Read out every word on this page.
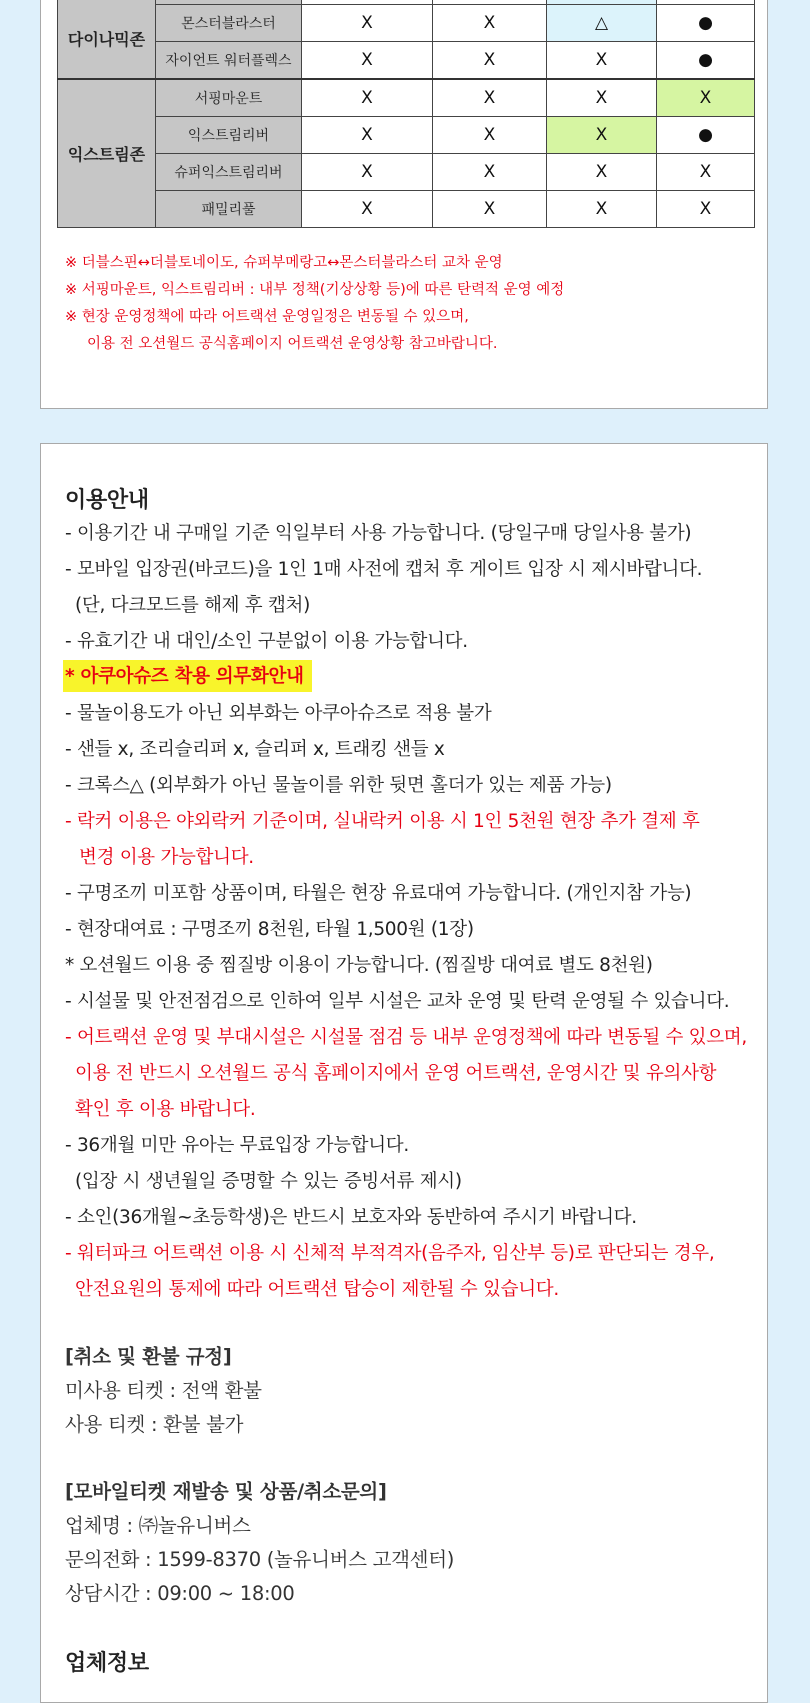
다이나믹존					
	몬스터블라스터	X	X	△	●
	자이언트 워터플렉스	X	X	X	●
익스트림존	서핑마운트	X	X	X	X
	익스트림리버	X	X	X	●
	슈퍼익스트림리버	X	X	X	X
	패밀리풀	X	X	X	X
※ 더블스핀↔더블토네이도, 슈퍼부메랑고↔몬스터블라스터 교차 운영
※ 서핑마운트, 익스트림리버 : 내부 정책(기상상황 등)에 따른 탄력적 운영 예정
※ 현장 운영정책에 따라 어트랙션 운영일정은 변동될 수 있으며,
이용 전 오션월드 공식홈페이지 어트랙션 운영상황 참고바랍니다.
이용안내
- 이용기간 내 구매일 기준 익일부터 사용 가능합니다. (당일구매 당일사용 불가)
- 모바일 입장권(바코드)을 1인 1매 사전에 캡처 후 게이트 입장 시 제시바랍니다.
(단, 다크모드를 해제 후 캡처)
- 유효기간 내 대인/소인 구분없이 이용 가능합니다.
* 아쿠아슈즈 착용 의무화안내
- 물놀이용도가 아닌 외부화는 아쿠아슈즈로 적용 불가
- 샌들 x, 조리슬리퍼 x, 슬리퍼 x, 트래킹 샌들 x
- 크록스△ (외부화가 아닌 물놀이를 위한 뒷면 홀더가 있는 제품 가능)
- 락커 이용은 야외락커 기준이며, 실내락커 이용 시 1인 5천원 현장 추가 결제 후
변경 이용 가능합니다.
- 구명조끼 미포함 상품이며, 타월은 현장 유료대여 가능합니다. (개인지참 가능)
- 현장대여료 : 구명조끼 8천원, 타월 1,500원 (1장)
* 오션월드 이용 중 찜질방 이용이 가능합니다. (찜질방 대여료 별도 8천원)
- 시설물 및 안전점검으로 인하여 일부 시설은 교차 운영 및 탄력 운영될 수 있습니다.
- 어트랙션 운영 및 부대시설은 시설물 점검 등 내부 운영정책에 따라 변동될 수 있으며,
이용 전 반드시 오션월드 공식 홈페이지에서 운영 어트랙션, 운영시간 및 유의사항
확인 후 이용 바랍니다.
- 36개월 미만 유아는 무료입장 가능합니다.
(입장 시 생년월일 증명할 수 있는 증빙서류 제시)
- 소인(36개월~초등학생)은 반드시 보호자와 동반하여 주시기 바랍니다.
- 워터파크 어트랙션 이용 시 신체적 부적격자(음주자, 임산부 등)로 판단되는 경우,
안전요원의 통제에 따라 어트랙션 탑승이 제한될 수 있습니다.
[취소 및 환불 규정]
미사용 티켓 : 전액 환불
사용 티켓 : 환불 불가
[모바일티켓 재발송 및 상품/취소문의]
업체명 : ㈜놀유니버스
문의전화 : 1599-8370 (놀유니버스 고객센터)
상담시간 : 09:00 ~ 18:00
업체정보
